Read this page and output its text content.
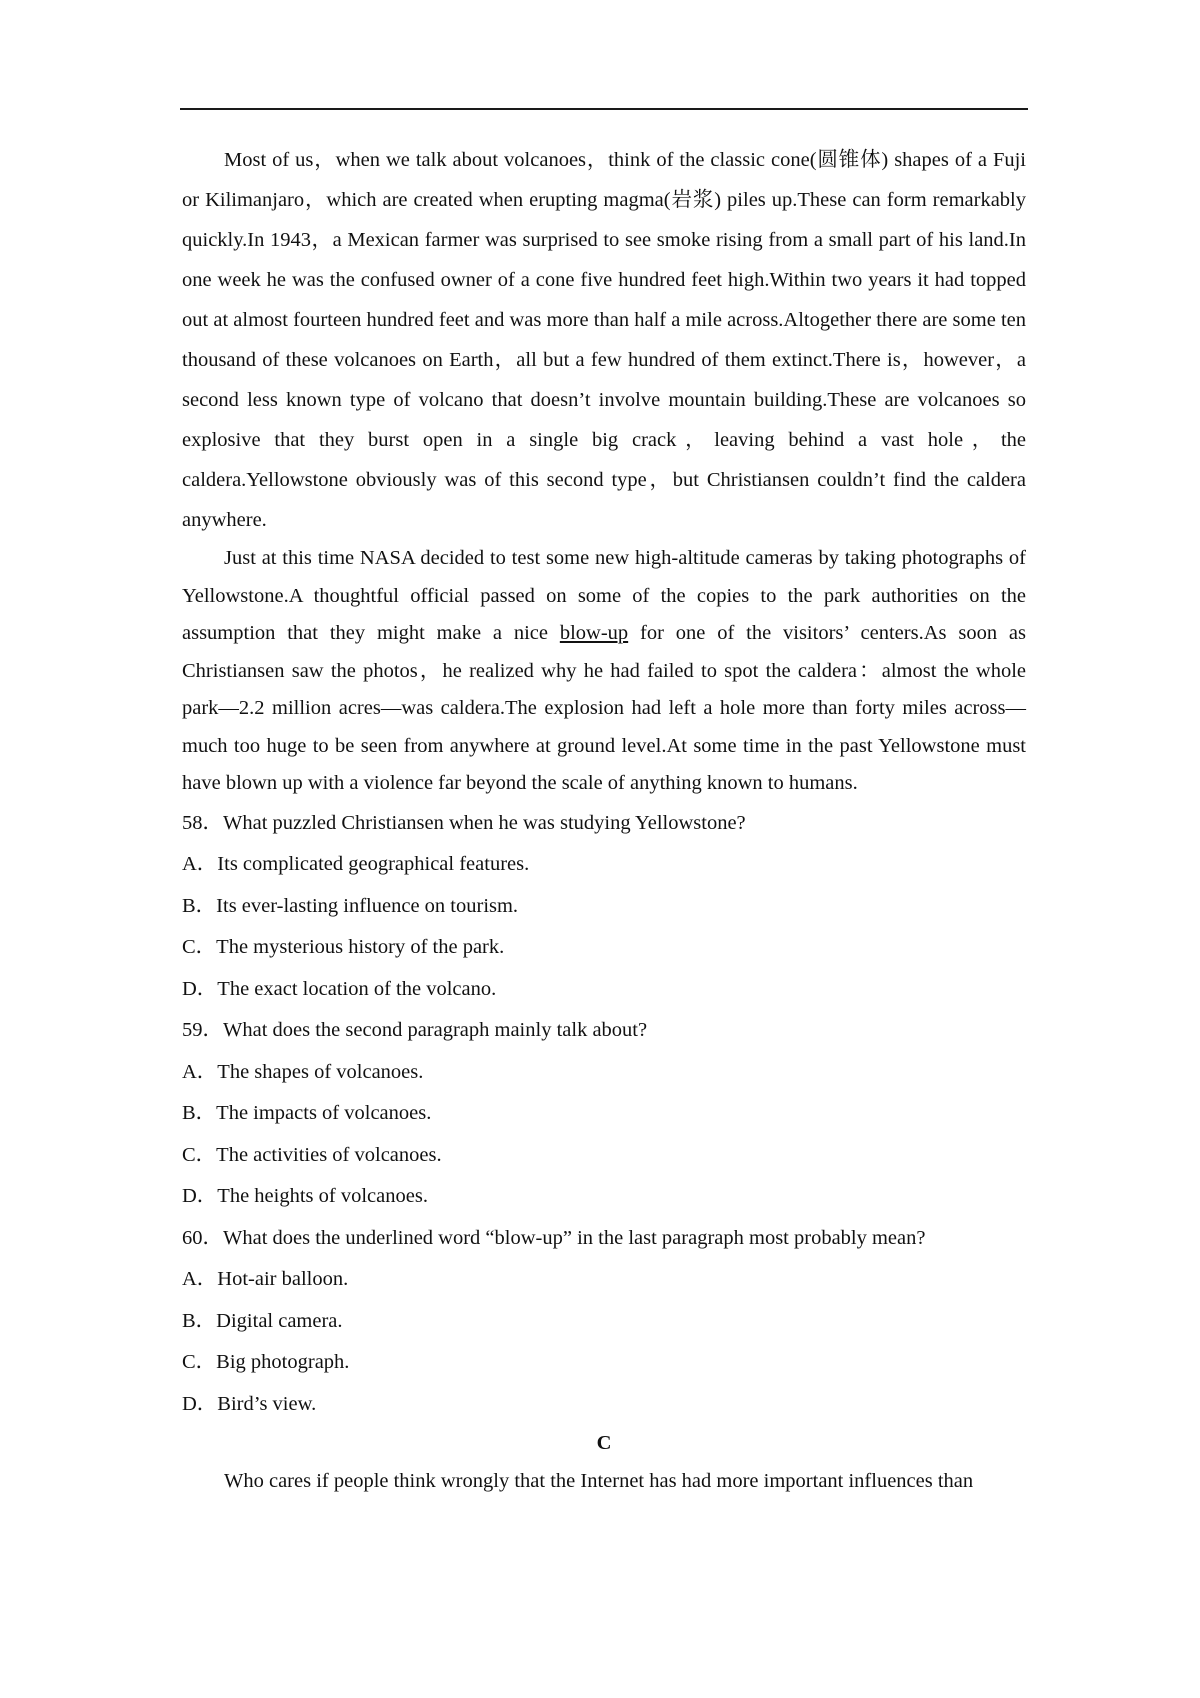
Most of us，when we talk about volcanoes，think of the classic cone(圆锥体) shapes of a Fuji or Kilimanjaro，which are created when erupting magma(岩浆) piles up.These can form remarkably quickly.In 1943，a Mexican farmer was surprised to see smoke rising from a small part of his land.In one week he was the confused owner of a cone five hundred feet high.Within two years it had topped out at almost fourteen hundred feet and was more than half a mile across.Altogether there are some ten thousand of these volcanoes on Earth，all but a few hundred of them extinct.There is，however，a second less known type of volcano that doesn’t involve mountain building.These are volcanoes so explosive that they burst open in a single big crack，leaving behind a vast hole，the caldera.Yellowstone obviously was of this second type，but Christiansen couldn’t find the caldera anywhere.

Just at this time NASA decided to test some new high-altitude cameras by taking photographs of Yellowstone.A thoughtful official passed on some of the copies to the park authorities on the assumption that they might make a nice blow-up for one of the visitors’ centers.As soon as Christiansen saw the photos，he realized why he had failed to spot the caldera：almost the whole park—2.2 million acres—was caldera.The explosion had left a hole more than forty miles across—much too huge to be seen from anywhere at ground level.At some time in the past Yellowstone must have blown up with a violence far beyond the scale of anything known to humans.

58．What puzzled Christiansen when he was studying Yellowstone?

A．Its complicated geographical features.

B．Its ever-lasting influence on tourism.

C．The mysterious history of the park.

D．The exact location of the volcano.

59．What does the second paragraph mainly talk about?

A．The shapes of volcanoes.

B．The impacts of volcanoes.

C．The activities of volcanoes.

D．The heights of volcanoes.

60．What does the underlined word “blow-up” in the last paragraph most probably mean?

A．Hot-air balloon.

B．Digital camera.

C．Big photograph.

D．Bird’s view.

C

Who cares if people think wrongly that the Internet has had more important influences than
